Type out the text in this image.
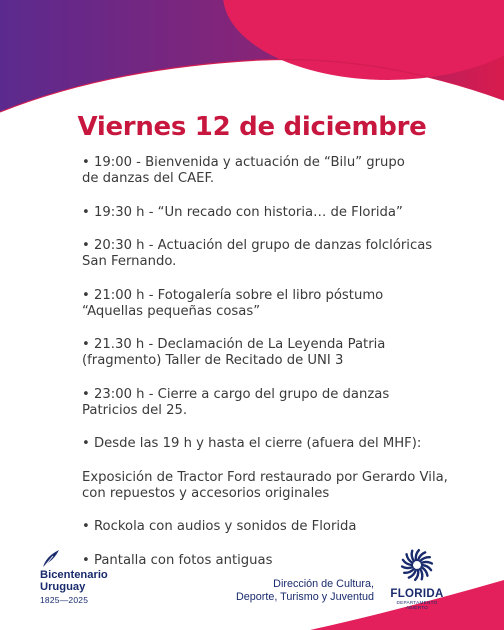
Viernes 12 de diciembre
• 19:00 - Bienvenida y actuación de “Bilu” grupo
de danzas del CAEF.
• 19:30 h - “Un recado con historia… de Florida”
• 20:30 h - Actuación del grupo de danzas folclóricas
San Fernando.
• 21:00 h - Fotogalería sobre el libro póstumo
“Aquellas pequeñas cosas”
• 21.30 h - Declamación de La Leyenda Patria
(fragmento) Taller de Recitado de UNI 3
• 23:00 h - Cierre a cargo del grupo de danzas
Patricios del 25.
• Desde las 19 h y hasta el cierre (afuera del MHF):
Exposición de Tractor Ford restaurado por Gerardo Vila,
con repuestos y accesorios originales
• Rockola con audios y sonidos de Florida
• Pantalla con fotos antiguas
Bicentenario
Uruguay
1825—2025
Dirección de Cultura,
Deporte, Turismo y Juventud FLORIDA
DEPARTAMENTO ABIERTO
